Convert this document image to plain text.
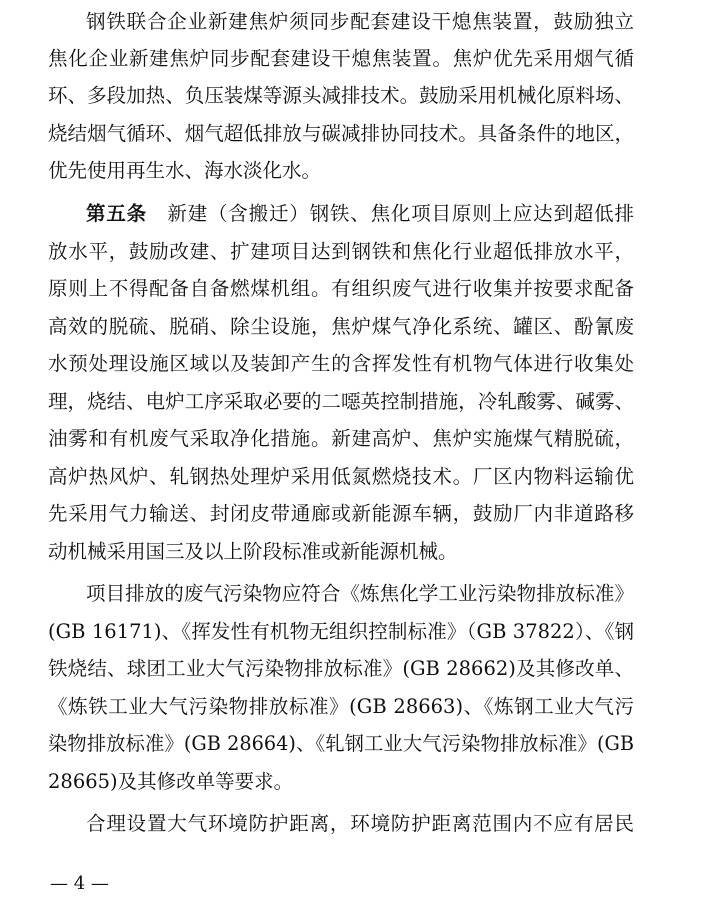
钢铁联合企业新建焦炉须同步配套建设干熄焦装置，鼓励独立
焦化企业新建焦炉同步配套建设干熄焦装置。焦炉优先采用烟气循
环、多段加热、负压装煤等源头减排技术。鼓励采用机械化原料场、
烧结烟气循环、烟气超低排放与碳减排协同技术。具备条件的地区，
优先使用再生水、海水淡化水。
第五条　 新建（含搬迁）钢铁、焦化项目原则上应达到超低排
放水平，鼓励改建、扩建项目达到钢铁和焦化行业超低排放水平，
原则上不得配备自备燃煤机组。有组织废气进行收集并按要求配备
高效的脱硫、脱硝、除尘设施，焦炉煤气净化系统、罐区、酚氰废
水预处理设施区域以及装卸产生的含挥发性有机物气体进行收集处
理，烧结、电炉工序采取必要的二噁英控制措施，冷轧酸雾、碱雾、
油雾和有机废气采取净化措施。新建高炉、焦炉实施煤气精脱硫，
高炉热风炉、轧钢热处理炉采用低氮燃烧技术。厂区内物料运输优
先采用气力输送、封闭皮带通廊或新能源车辆，鼓励厂内非道路移
动机械采用国三及以上阶段标准或新能源机械。
项目排放的废气污染物应符合《炼焦化学工业污染物排放标准》
(GB 16171)、《挥发性有机物无组织控制标准》（GB 37822）、《钢
铁烧结、球团工业大气污染物排放标准》(GB 28662)及其修改单、
《炼铁工业大气污染物排放标准》(GB 28663)、《炼钢工业大气污
染物排放标准》(GB 28664)、《轧钢工业大气污染物排放标准》(GB
28665)及其修改单等要求。
合理设置大气环境防护距离，环境防护距离范围内不应有居民
— 4 —
